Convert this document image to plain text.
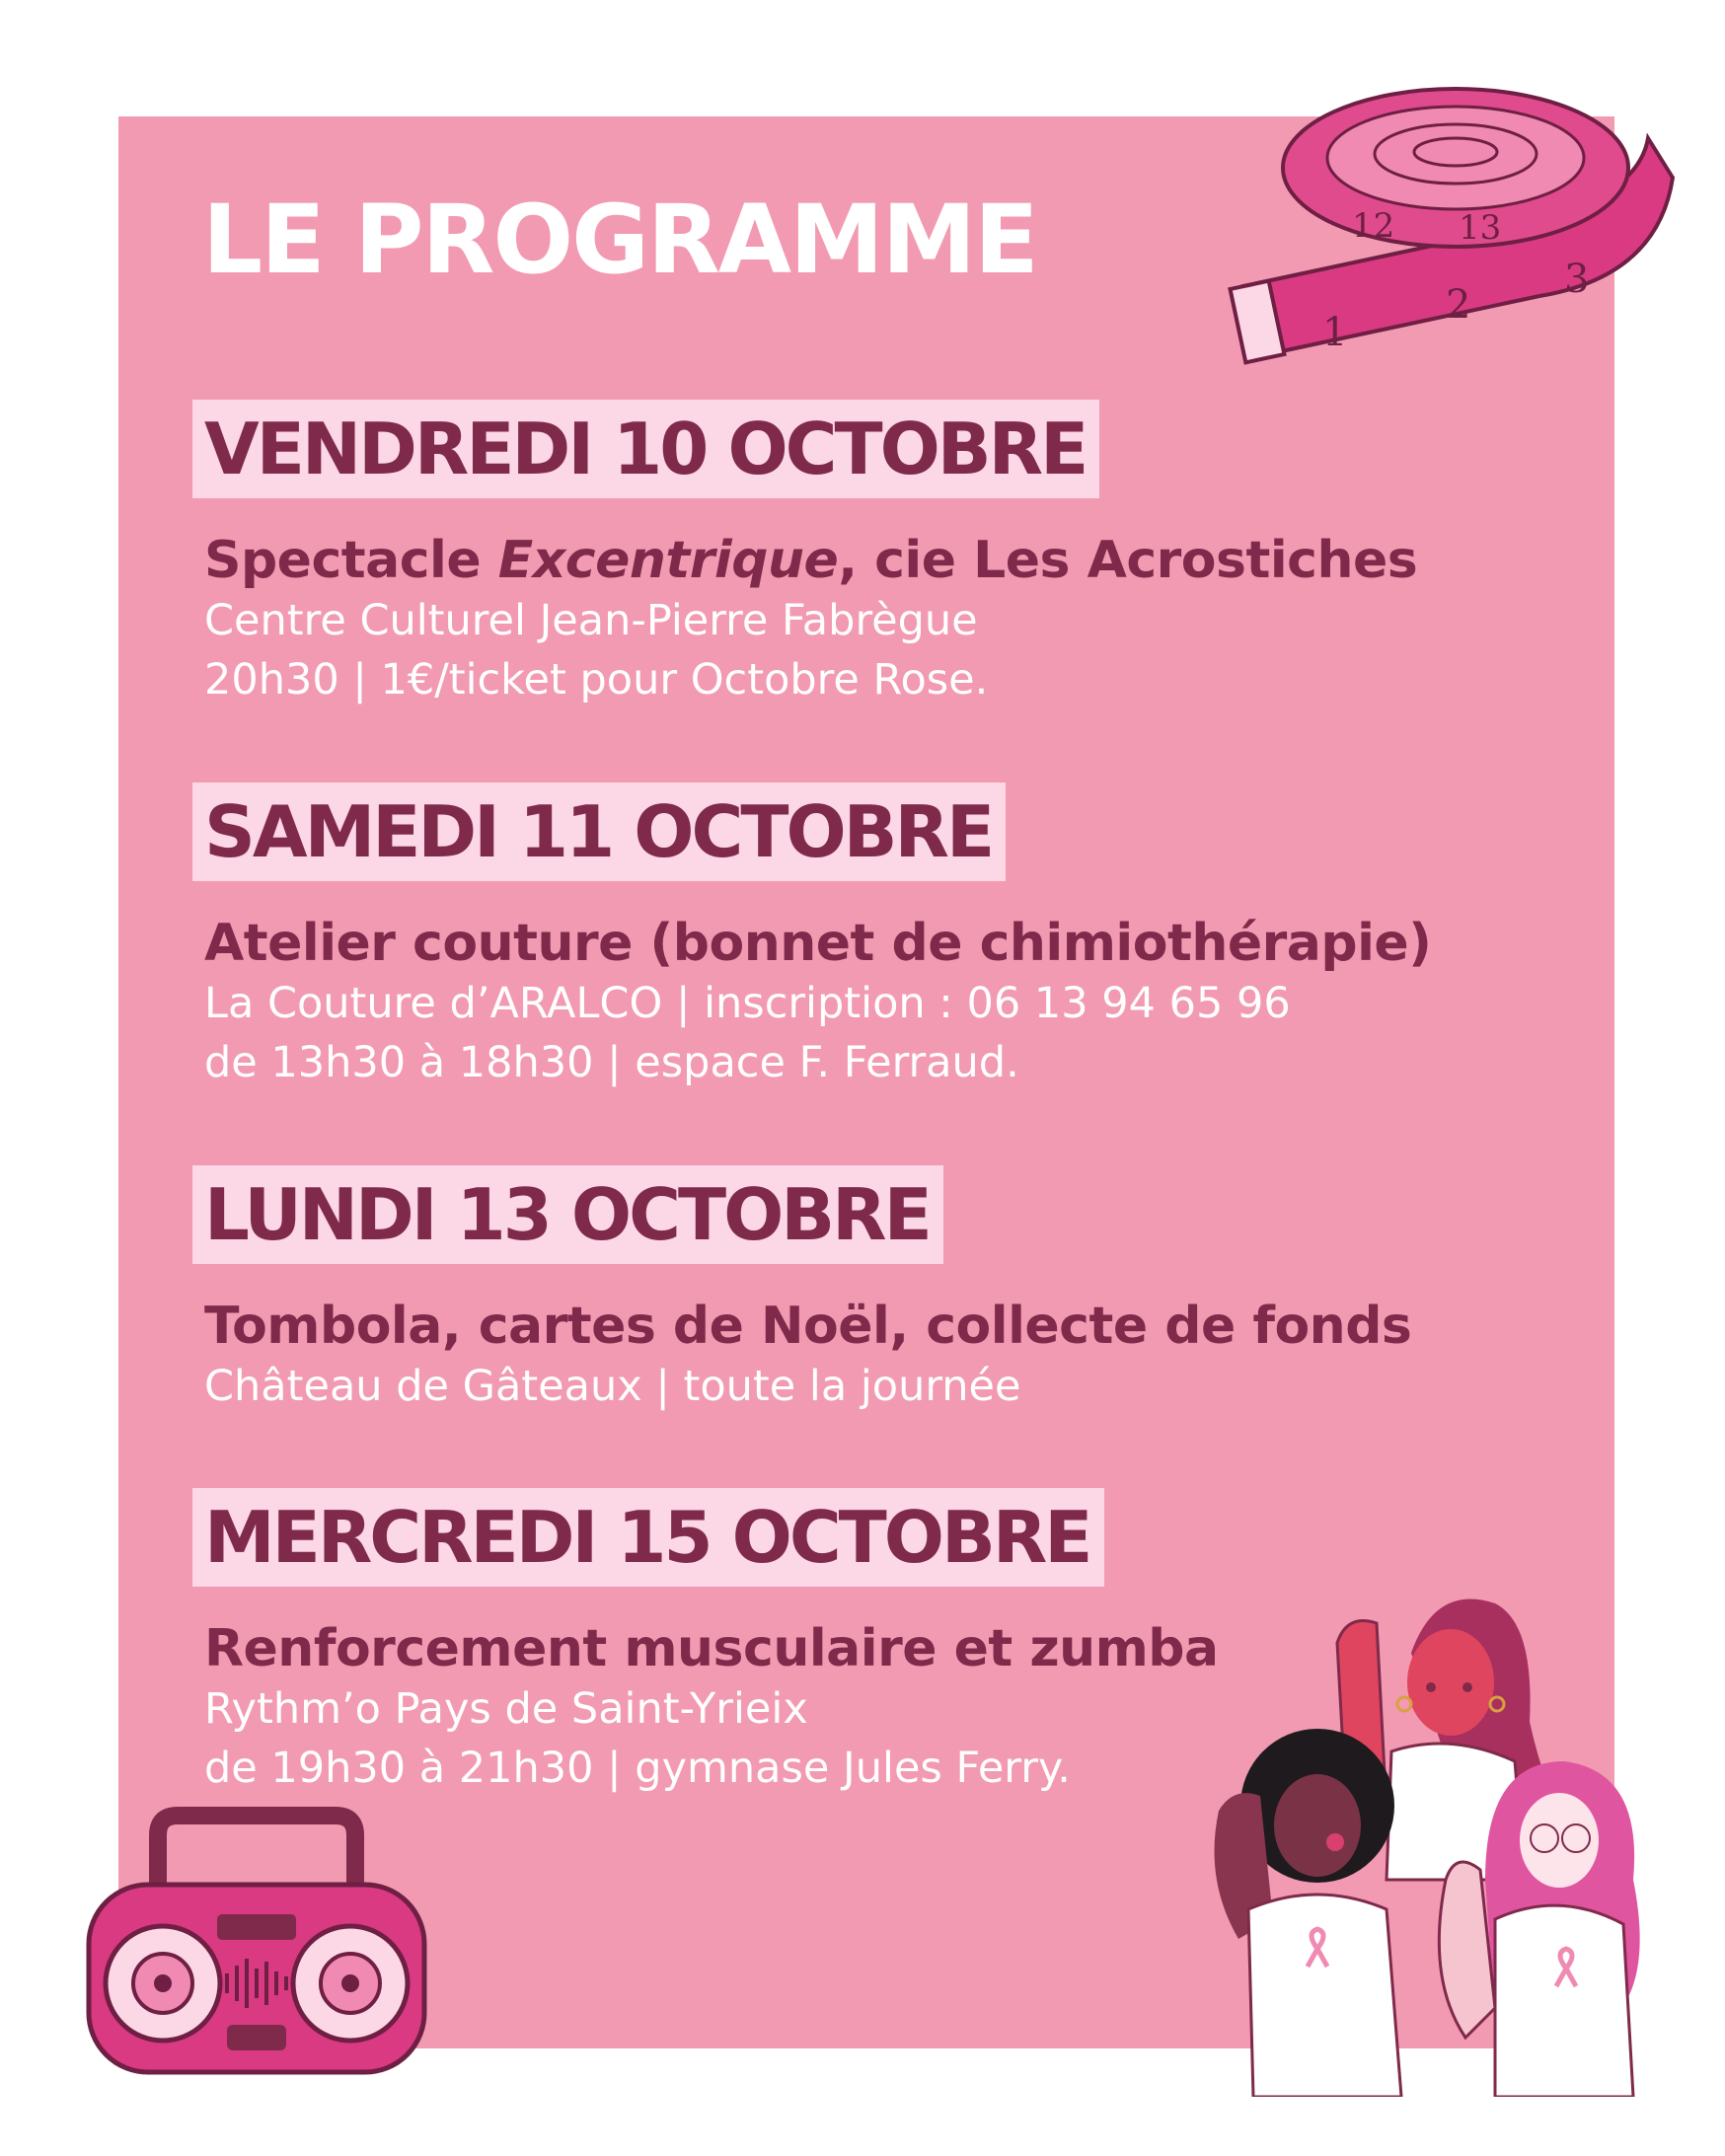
12 13
1
2
3
LE PROGRAMME
VENDREDI 10 OCTOBRE
Spectacle Excentrique, cie Les Acrostiches
Centre Culturel Jean-Pierre Fabrègue
20h30 | 1€/ticket pour Octobre Rose.
SAMEDI 11 OCTOBRE
Atelier couture (bonnet de chimiothérapie)
La Couture d’ARALCO | inscription : 06 13 94 65 96
de 13h30 à 18h30 | espace F. Ferraud.
LUNDI 13 OCTOBRE
Tombola, cartes de Noël, collecte de fonds
Château de Gâteaux | toute la journée
MERCREDI 15 OCTOBRE
Renforcement musculaire et zumba
Rythm’o Pays de Saint-Yrieix
de 19h30 à 21h30 | gymnase Jules Ferry.
